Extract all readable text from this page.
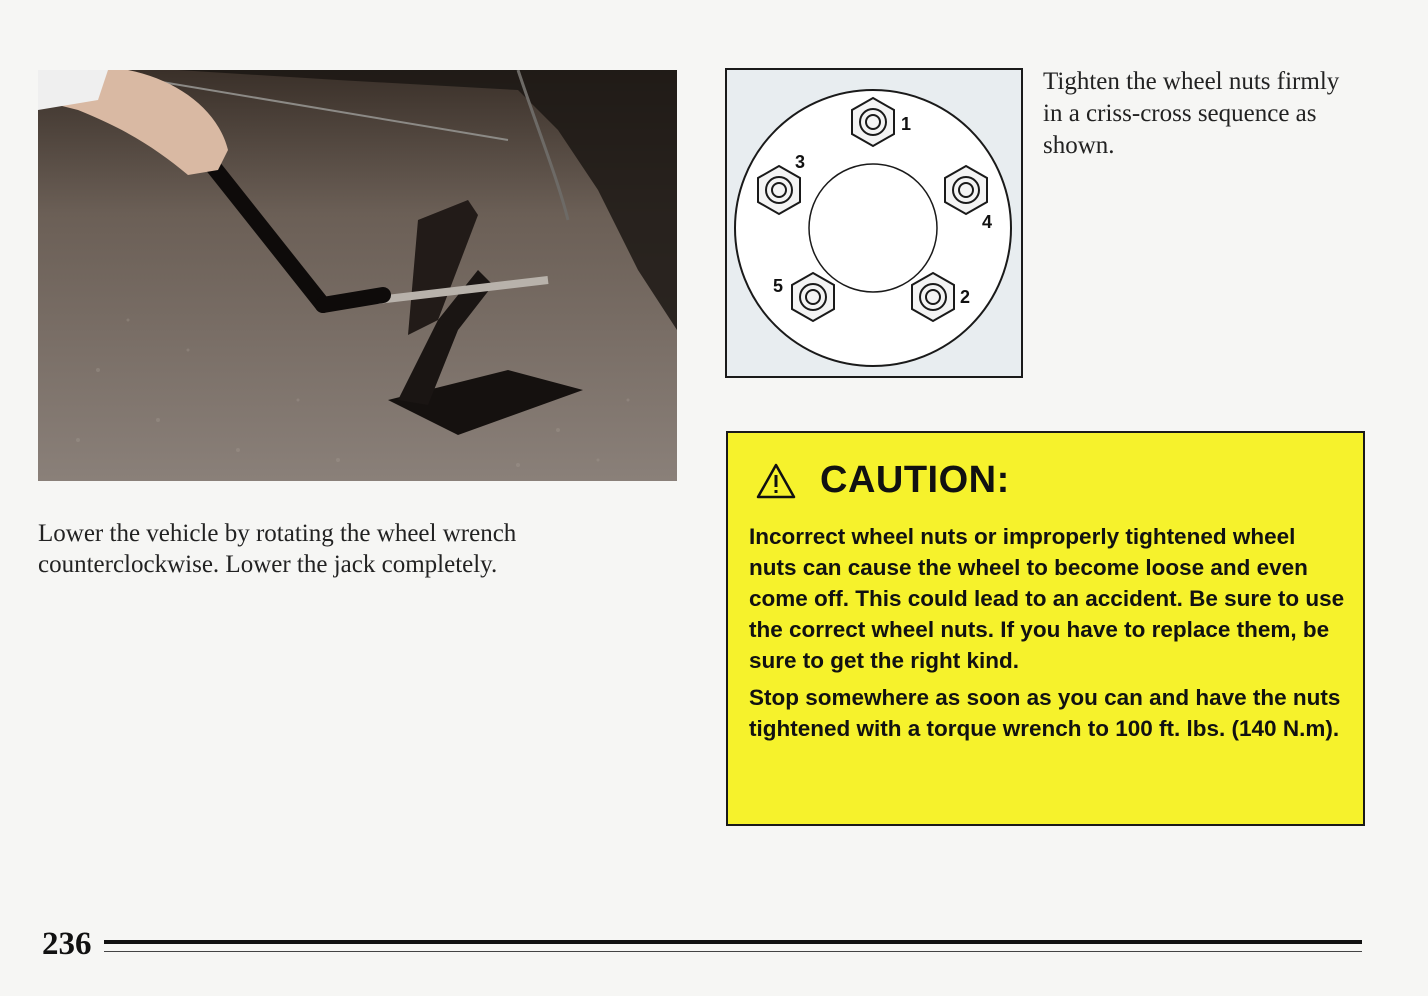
Lower the vehicle by rotating the wheel wrench counterclockwise. Lower the jack completely.
1
2
3
4
5
Tighten the wheel nuts firmly in a criss-cross sequence as shown.
CAUTION:

Incorrect wheel nuts or improperly tightened wheel nuts can cause the wheel to become loose and even come off. This could lead to an accident. Be sure to use the correct wheel nuts. If you have to replace them, be sure to get the right kind.

Stop somewhere as soon as you can and have the nuts tightened with a torque wrench to 100 ft. lbs. (140 N.m).

236
